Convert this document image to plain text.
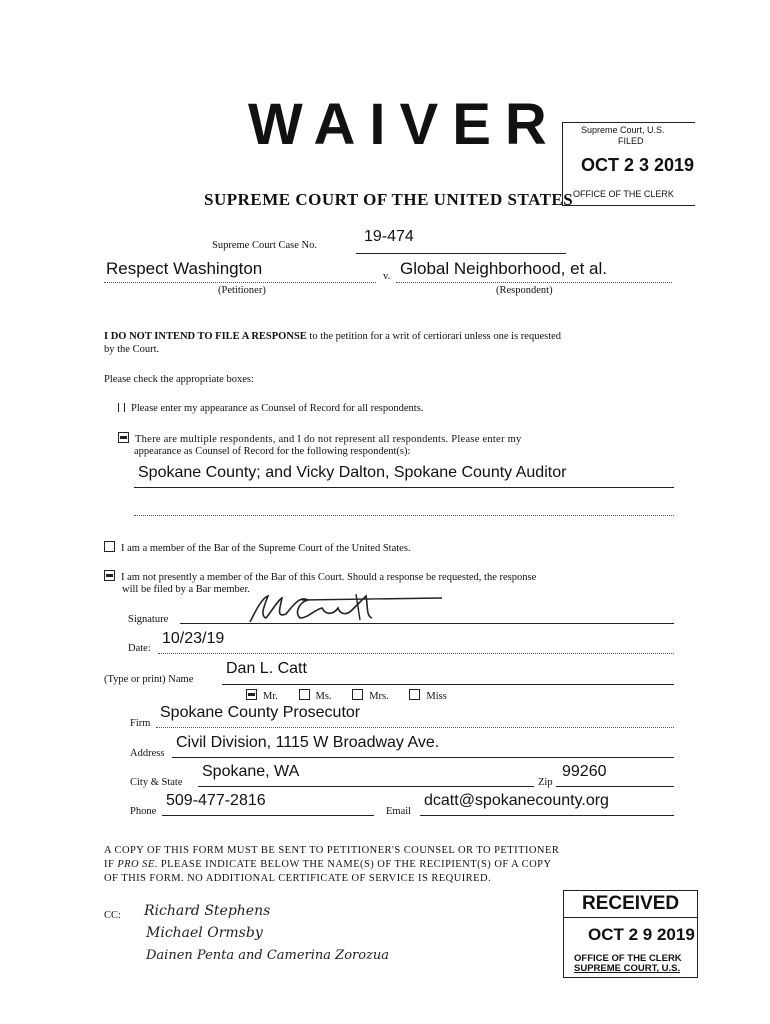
WAIVER Supreme Court, U.S.
FILED
OCT 2 3 2019
OFFICE OF THE CLERK
SUPREME COURT OF THE UNITED STATES
Supreme Court Case No.
19-474
Respect Washington	v. Global Neighborhood, et al.
(Petitioner)	(Respondent)
I DO NOT INTEND TO FILE A RESPONSE to the petition for a writ of certiorari unless one is requested
by the Court.
Please check the appropriate boxes:
Please enter my appearance as Counsel of Record for all respondents.
There are multiple respondents, and I do not represent all respondents. Please enter my
appearance as Counsel of Record for the following respondent(s):
Spokane County; and Vicky Dalton, Spokane County Auditor
I am a member of the Bar of the Supreme Court of the United States.
I am not presently a member of the Bar of this Court. Should a response be requested, the response
will be filed by a Bar member.
Signature
Date:
10/23/19
(Type or print) Name
Dan L. Catt
Mr.	Ms.	Mrs.	Miss
Firm
Spokane County Prosecutor
Address
Civil Division, 1115 W Broadway Ave.
City & State
Spokane, WA
Zip
99260
Phone
509-477-2816
Email
dcatt@spokanecounty.org
A COPY OF THIS FORM MUST BE SENT TO PETITIONER'S COUNSEL OR TO PETITIONER
IF PRO SE. PLEASE INDICATE BELOW THE NAME(S) OF THE RECIPIENT(S) OF A COPY
OF THIS FORM. NO ADDITIONAL CERTIFICATE OF SERVICE IS REQUIRED.
CC: Richard Stephens
Michael Ormsby
Dainen Penta and Camerina Zorozua
RECEIVED
OCT 2 9 2019
OFFICE OF THE CLERK
SUPREME COURT, U.S.
